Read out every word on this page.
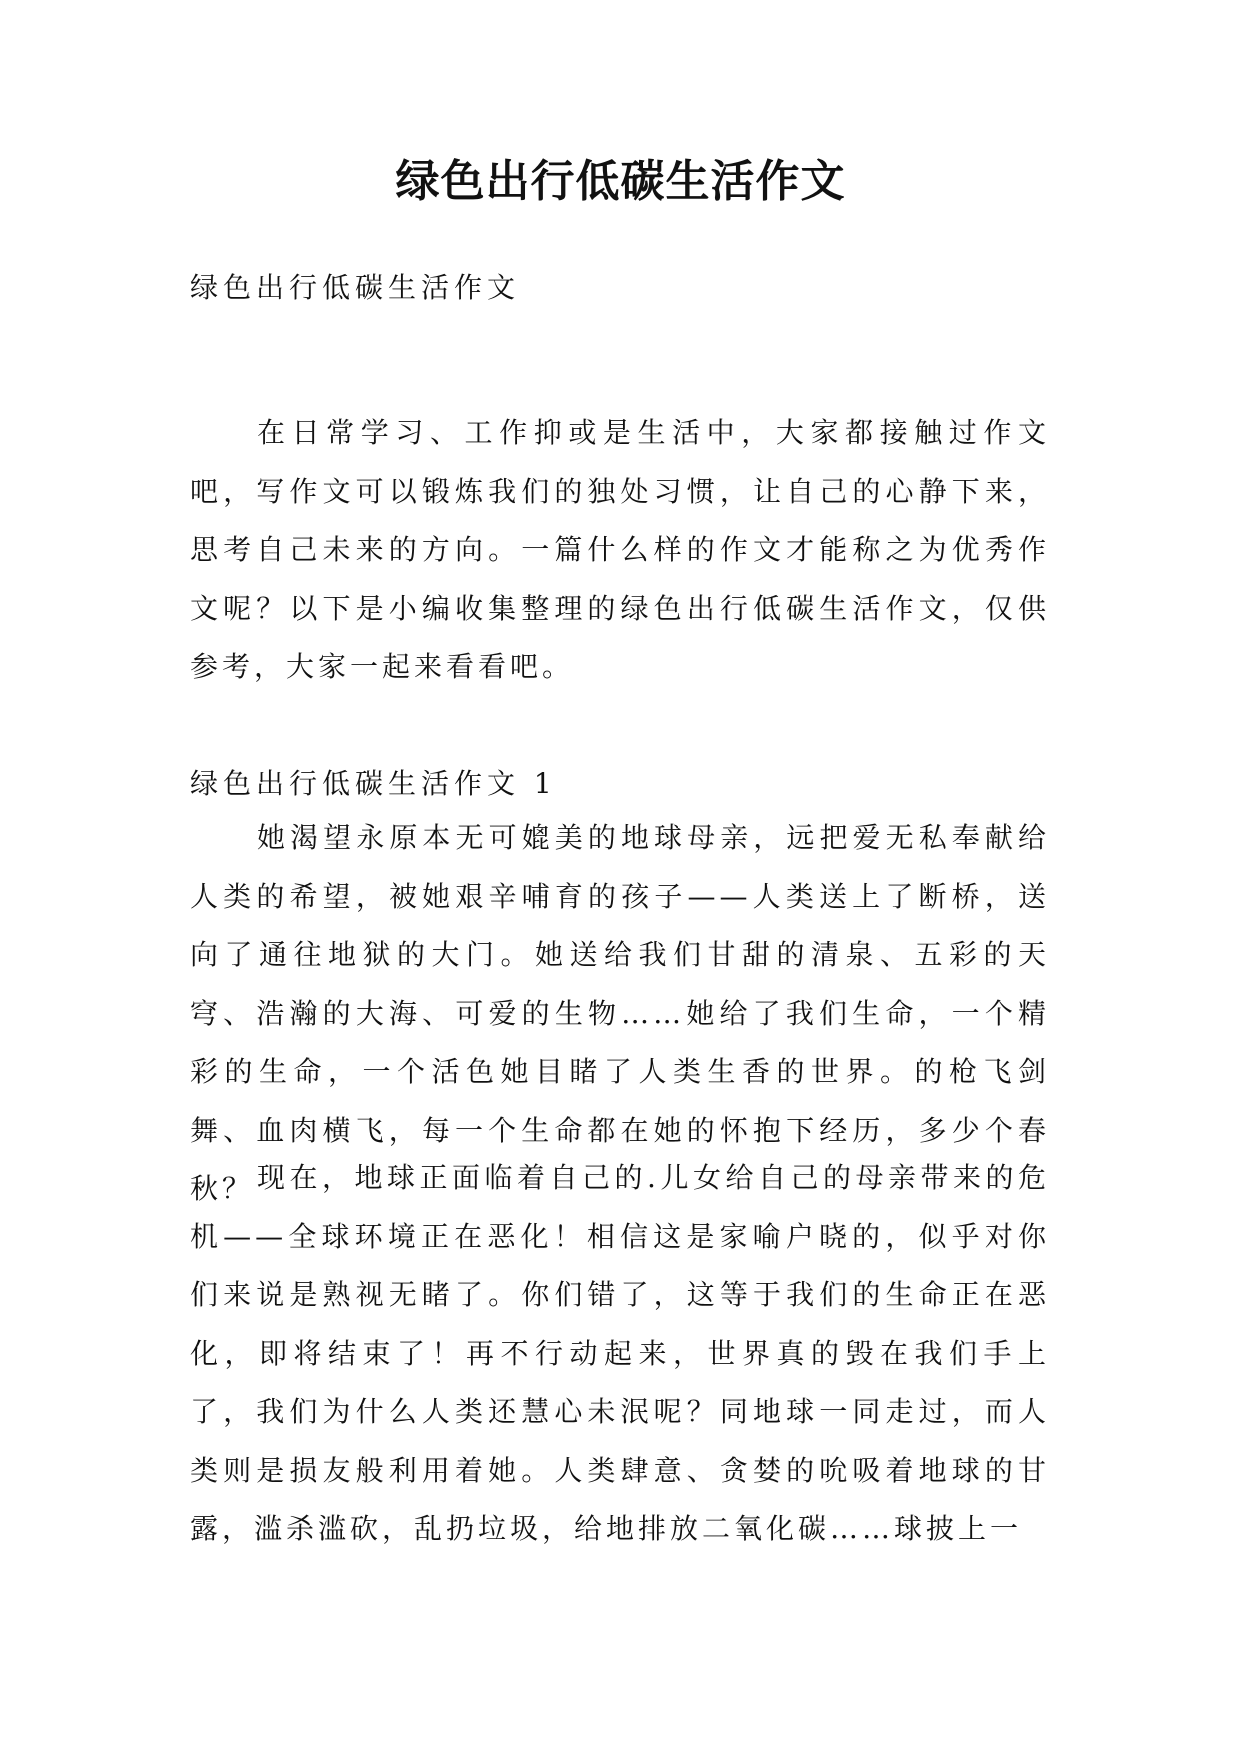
绿色出行低碳生活作文
绿色出行低碳生活作文

在日常学习、工作抑或是生活中，大家都接触过作文吧，写作文可以锻炼我们的独处习惯，让自己的心静下来，思考自己未来的方向。一篇什么样的作文才能称之为优秀作文呢？以下是小编收集整理的绿色出行低碳生活作文，仅供参考，大家一起来看看吧。

绿色出行低碳生活作文 1

她渴望永原本无可媲美的地球母亲，远把爱无私奉献给人类的希望，被她艰辛哺育的孩子——人类送上了断桥，送向了通往地狱的大门。她送给我们甘甜的清泉、五彩的天穹、浩瀚的大海、可爱的生物……她给了我们生命，一个精彩的生命，一个活色她目睹了人类生香的世界。的枪飞剑舞、血肉横飞，每一个生命都在她的怀抱下经历，多少个春秋？ 现在，地球正面临着自己的.儿女给自己的母亲带来的危机——全球环境正在恶化！相信这是家喻户晓的，似乎对你们来说是熟视无睹了。你们错了，这等于我们的生命正在恶化，即将结束了！再不行动起来，世界真的毁在我们手上了，我们为什么人类还慧心未泯呢？同地球一同走过，而人类则是损友般利用着她。人类肆意、贪婪的吮吸着地球的甘露，滥杀滥砍，乱扔垃圾，给地排放二氧化碳……球披上一
